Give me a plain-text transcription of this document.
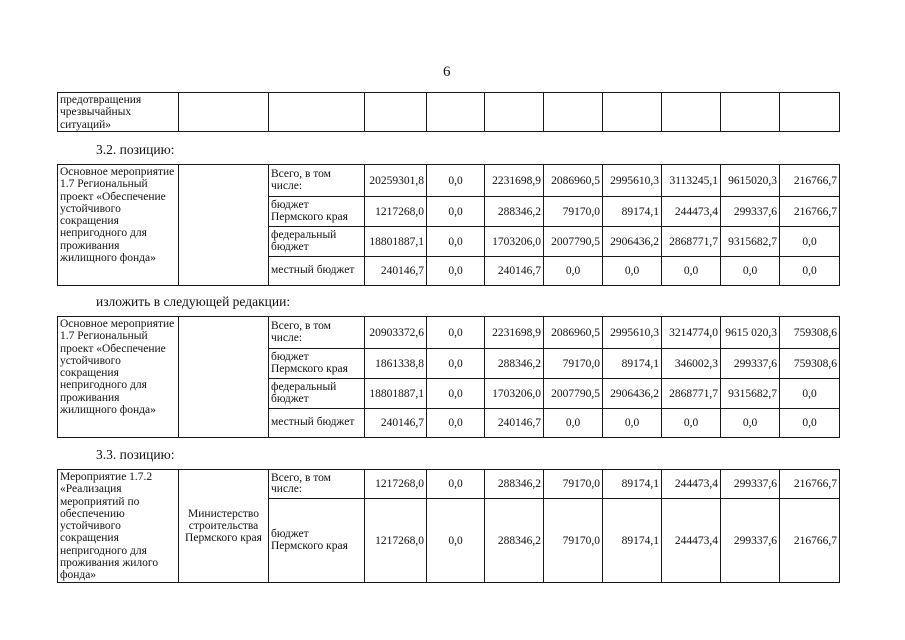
6
предотвращения чрезвычайных ситуаций»										
3.2. позицию:
Основное мероприятие 1.7 Региональный проект «Обеспечение устойчивого сокращения непригодного для проживания жилищного фонда»		Всего, в том числе:	20259301,8	0,0	2231698,9	2086960,5	2995610,3	3113245,1	9615020,3	216766,7
		бюджет Пермского края	1217268,0	0,0	288346,2	79170,0	89174,1	244473,4	299337,6	216766,7
		федеральный бюджет	18801887,1	0,0	1703206,0	2007790,5	2906436,2	2868771,7	9315682,7	0,0
		местный бюджет	240146,7	0,0	240146,7	0,0	0,0	0,0	0,0	0,0
изложить в следующей редакции:
Основное мероприятие 1.7 Региональный проект «Обеспечение устойчивого сокращения непригодного для проживания жилищного фонда»		Всего, в том числе:	20903372,6	0,0	2231698,9	2086960,5	2995610,3	3214774,0	9615 020,3	759308,6
		бюджет Пермского края	1861338,8	0,0	288346,2	79170,0	89174,1	346002,3	299337,6	759308,6
		федеральный бюджет	18801887,1	0,0	1703206,0	2007790,5	2906436,2	2868771,7	9315682,7	0,0
		местный бюджет	240146,7	0,0	240146,7	0,0	0,0	0,0	0,0	0,0
3.3. позицию:
Мероприятие 1.7.2 «Реализация мероприятий по обеспечению устойчивого сокращения непригодного для проживания жилого фонда»	Министерство строительства Пермского края	Всего, в том числе:	1217268,0	0,0	288346,2	79170,0	89174,1	244473,4	299337,6	216766,7
		бюджет Пермского края	1217268,0	0,0	288346,2	79170,0	89174,1	244473,4	299337,6	216766,7
